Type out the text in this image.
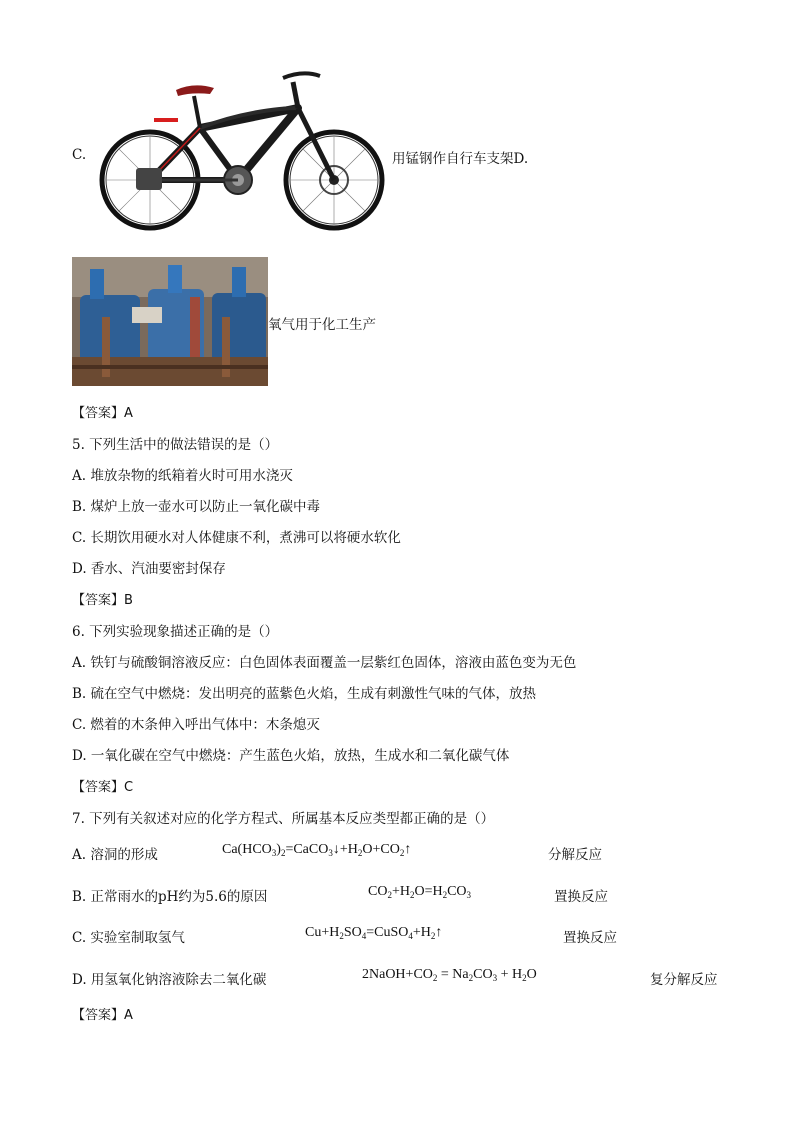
C.	用锰钢作自行车支架D.
氧气用于化工生产
【答案】A
5. 下列生活中的做法错误的是（）
A. 堆放杂物的纸箱着火时可用水浇灭
B. 煤炉上放一壶水可以防止一氧化碳中毒
C. 长期饮用硬水对人体健康不利，煮沸可以将硬水软化
D. 香水、汽油要密封保存
【答案】B
6. 下列实验现象描述正确的是（）
A. 铁钉与硫酸铜溶液反应：白色固体表面覆盖一层紫红色固体，溶液由蓝色变为无色
B. 硫在空气中燃烧：发出明亮的蓝紫色火焰，生成有刺激性气味的气体，放热
C. 燃着的木条伸入呼出气体中：木条熄灭
D. 一氧化碳在空气中燃烧：产生蓝色火焰，放热，生成水和二氧化碳气体
【答案】C
7. 下列有关叙述对应的化学方程式、所属基本反应类型都正确的是（）
A. 溶洞的形成	$Ca(HCO_3)_2=CaCO_3↓+H_2O+CO_2↑$	分解反应
B. 正常雨水的pH约为5.6的原因	$CO_2+H_2O=H_2CO_3$	置换反应
C. 实验室制取氢气	$Cu+H_2SO_4=CuSO_4+H_2↑$	置换反应
D. 用氢氧化钠溶液除去二氧化碳	$2NaOH+CO_2 = Na_2CO_3 + H_2O$	复分解反应
【答案】A
